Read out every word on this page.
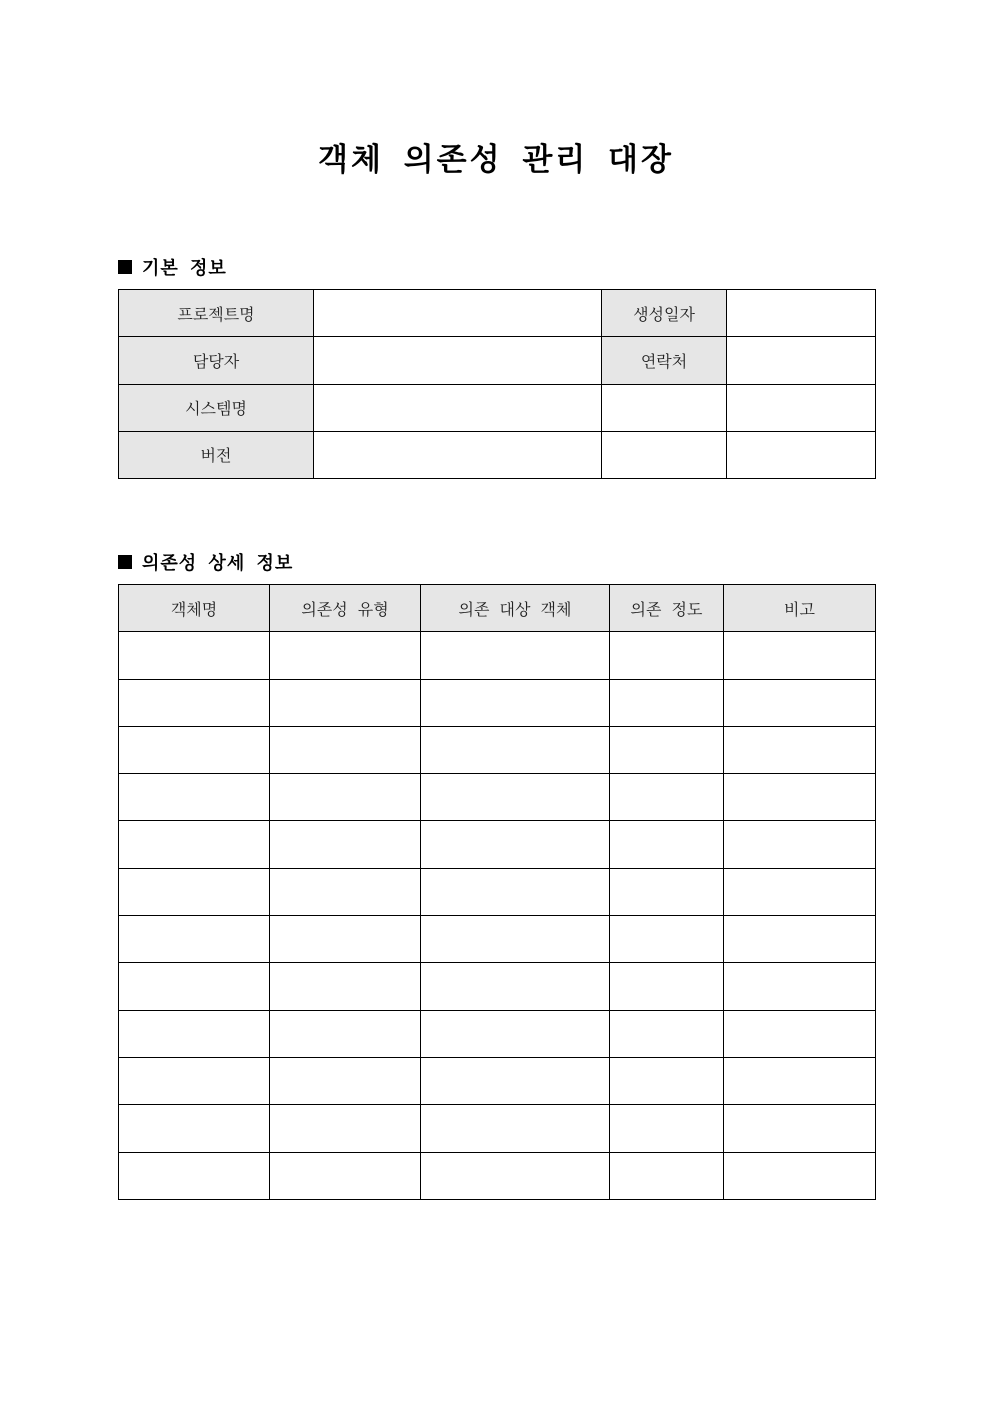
객체 의존성 관리 대장
기본 정보
프로젝트명		생성일자	
담당자		연락처	
시스템명			
버전			
의존성 상세 정보
객체명	의존성 유형	의존 대상 객체	의존 정도	비고
